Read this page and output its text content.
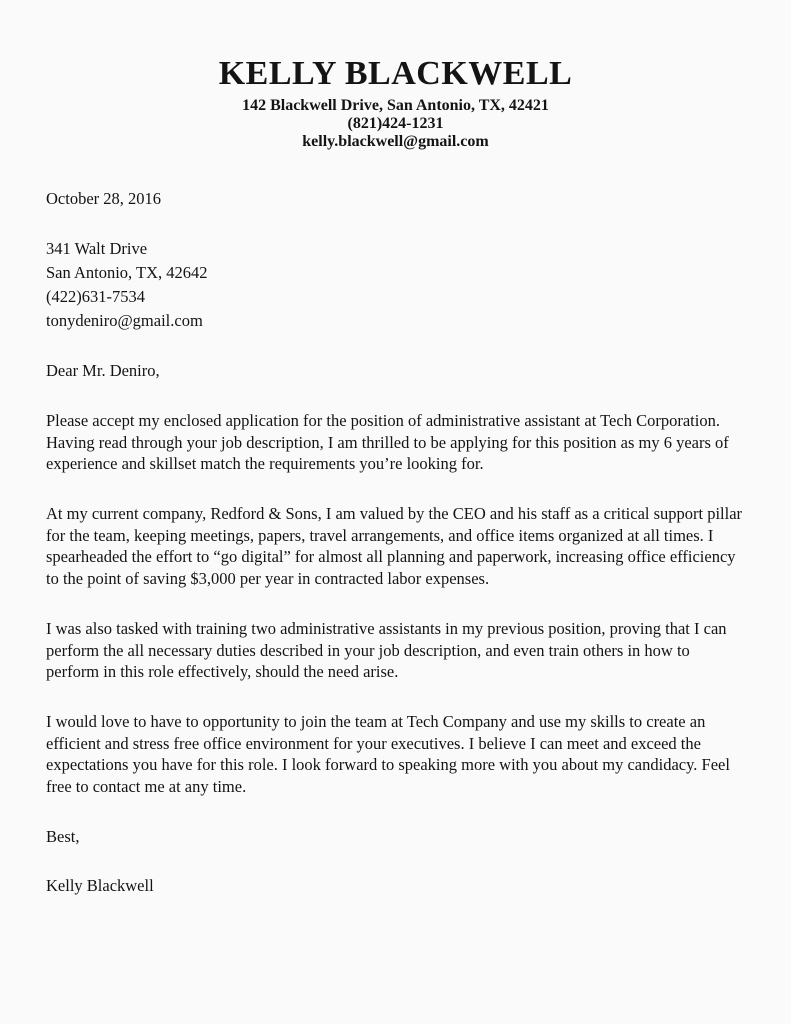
KELLY BLACKWELL
142 Blackwell Drive, San Antonio, TX, 42421
(821)424-1231
kelly.blackwell@gmail.com
October 28, 2016
341 Walt Drive
San Antonio, TX, 42642
(422)631-7534
tonydeniro@gmail.com
Dear Mr. Deniro,

Please accept my enclosed application for the position of administrative assistant at Tech Corporation. Having read through your job description, I am thrilled to be applying for this position as my 6 years of experience and skillset match the requirements you’re looking for.

At my current company, Redford & Sons, I am valued by the CEO and his staff as a critical support pillar for the team, keeping meetings, papers, travel arrangements, and office items organized at all times. I spearheaded the effort to “go digital” for almost all planning and paperwork, increasing office efficiency to the point of saving $3,000 per year in contracted labor expenses.

I was also tasked with training two administrative assistants in my previous position, proving that I can perform the all necessary duties described in your job description, and even train others in how to perform in this role effectively, should the need arise.

I would love to have to opportunity to join the team at Tech Company and use my skills to create an efficient and stress free office environment for your executives. I believe I can meet and exceed the expectations you have for this role. I look forward to speaking more with you about my candidacy. Feel free to contact me at any time.

Best,
Kelly Blackwell
